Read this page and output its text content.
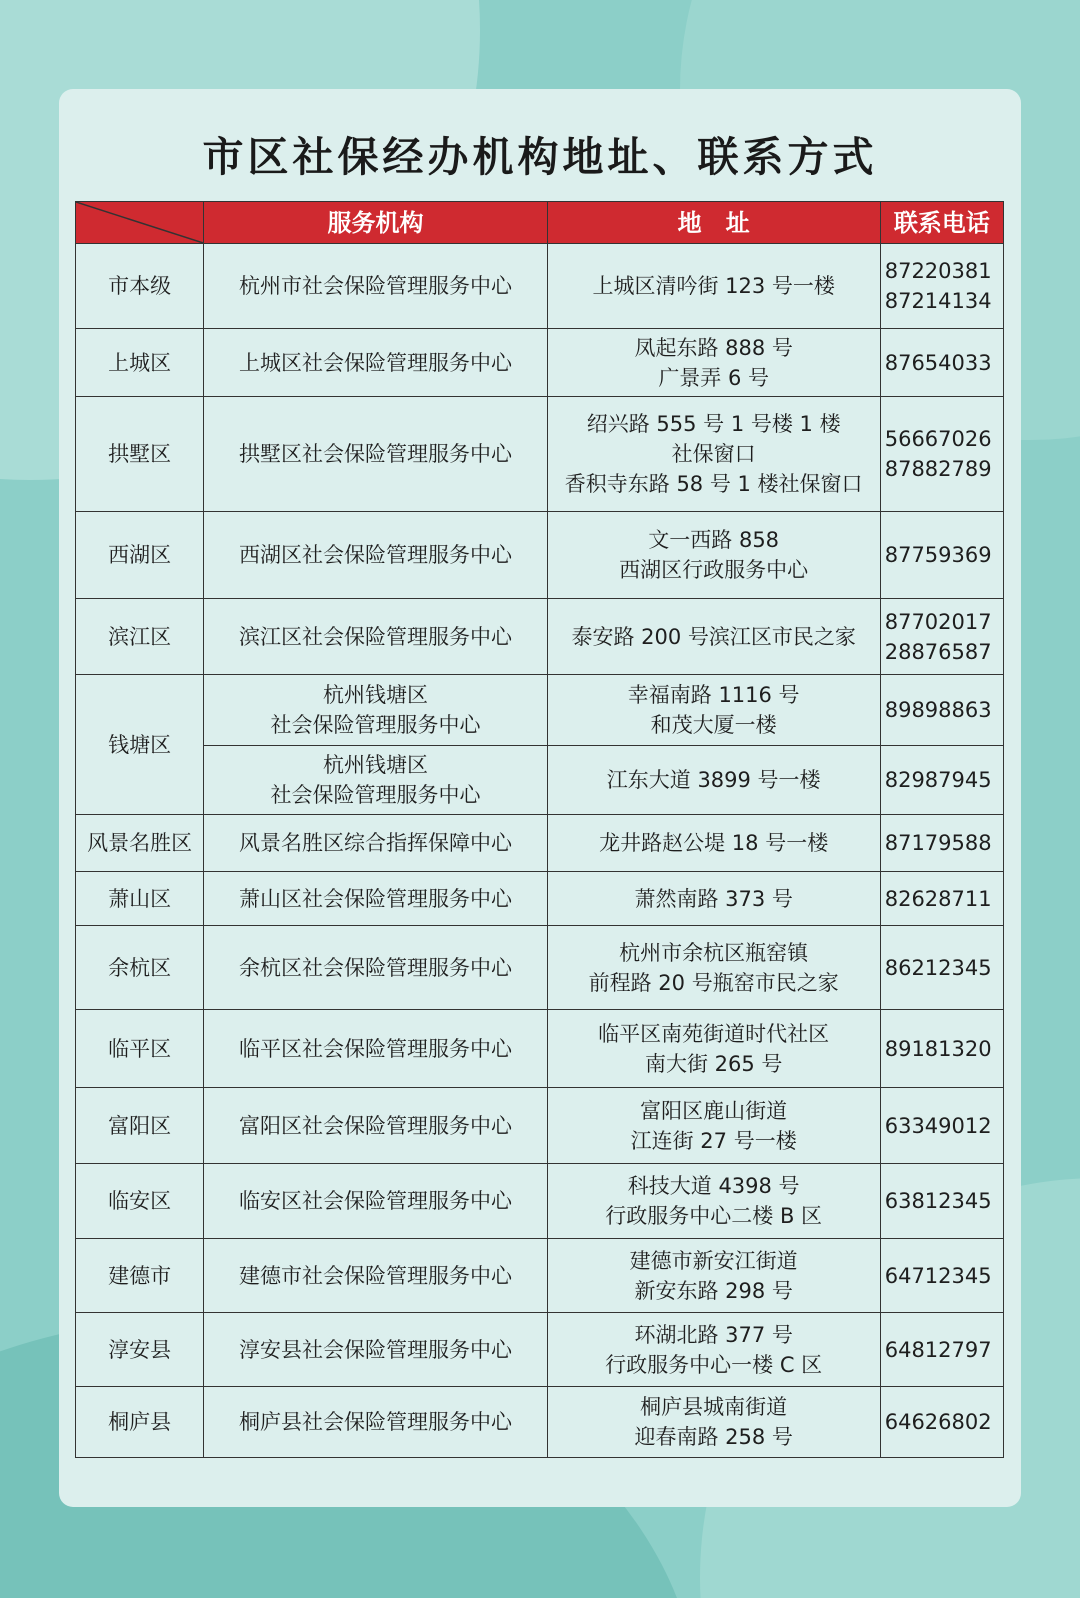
市区社保经办机构地址、联系方式
	服务机构	地　址	联系电话
市本级	杭州市社会保险管理服务中心	上城区清吟街 123 号一楼	87220381
87214134

上城区	上城区社会保险管理服务中心	凤起东路 888 号
广景弄 6 号	87654033

拱墅区	拱墅区社会保险管理服务中心	绍兴路 555 号 1 号楼 1 楼
社保窗口
香积寺东路 58 号 1 楼社保窗口	56667026
87882789

西湖区	西湖区社会保险管理服务中心	文一西路 858
西湖区行政服务中心	87759369

滨江区	滨江区社会保险管理服务中心	泰安路 200 号滨江区市民之家	87702017
28876587

钱塘区	杭州钱塘区
社会保险管理服务中心	幸福南路 1116 号
和茂大厦一楼	89898863

	杭州钱塘区
社会保险管理服务中心	江东大道 3899 号一楼	82987945

风景名胜区	风景名胜区综合指挥保障中心	龙井路赵公堤 18 号一楼	87179588

萧山区	萧山区社会保险管理服务中心	萧然南路 373 号	82628711

余杭区	余杭区社会保险管理服务中心	杭州市余杭区瓶窑镇
前程路 20 号瓶窑市民之家	86212345

临平区	临平区社会保险管理服务中心	临平区南苑街道时代社区
南大街 265 号	89181320

富阳区	富阳区社会保险管理服务中心	富阳区鹿山街道
江连街 27 号一楼	63349012

临安区	临安区社会保险管理服务中心	科技大道 4398 号
行政服务中心二楼 B 区	63812345

建德市	建德市社会保险管理服务中心	建德市新安江街道
新安东路 298 号	64712345

淳安县	淳安县社会保险管理服务中心	环湖北路 377 号
行政服务中心一楼 C 区	64812797

桐庐县	桐庐县社会保险管理服务中心	桐庐县城南街道
迎春南路 258 号	64626802
